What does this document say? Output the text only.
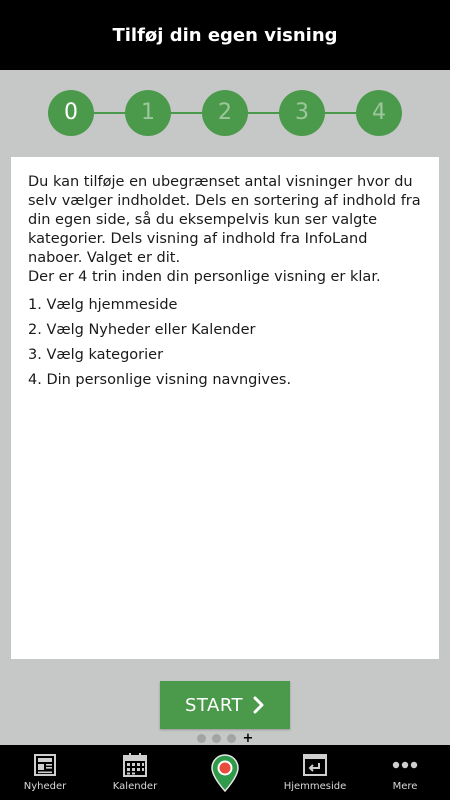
Tilføj din egen visning
0	1	2	3	4

Du kan tilføje en ubegrænset antal visninger hvor du selv vælger indholdet. Dels en sortering af indhold fra din egen side, så du eksempelvis kun ser valgte kategorier. Dels visning af indhold fra InfoLand naboer. Valget er dit.

Der er 4 trin inden din personlige visning er klar.

1. Vælg hjemmeside
2. Vælg Nyheder eller Kalender
3. Vælg kategorier
4. Din personlige visning navngives.
START
+
Nyheder	Kalender	Hjemmeside	Mere
